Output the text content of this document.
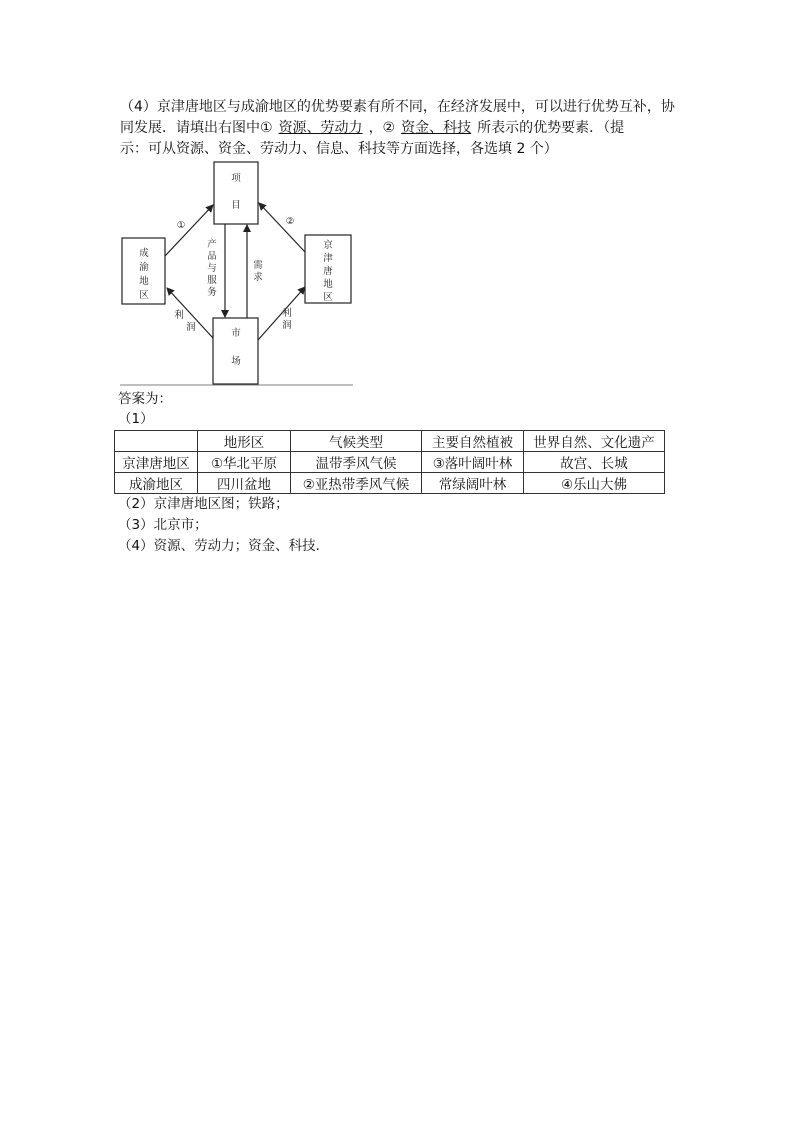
（4）京津唐地区与成渝地区的优势要素有所不同，在经济发展中，可以进行优势互补，协
同发展．请填出右图中① 资源、劳动力 ，② 资金、科技 所表示的优势要素．（提
示：可从资源、资金、劳动力、信息、科技等方面选择，各选填 2 个）
项
目
成
渝
地
区
京
津
唐
地
区
市
场
产
品
与
服
务
需
求
利
润
利
润
①	②
答案为：
（1）
	地形区	气候类型	主要自然植被	世界自然、文化遗产
京津唐地区	①华北平原	温带季风气候	③落叶阔叶林	故宫、长城
成渝地区	四川盆地	②亚热带季风气候	常绿阔叶林	④乐山大佛
（2）京津唐地区图；铁路；
（3）北京市；
（4）资源、劳动力；资金、科技．
